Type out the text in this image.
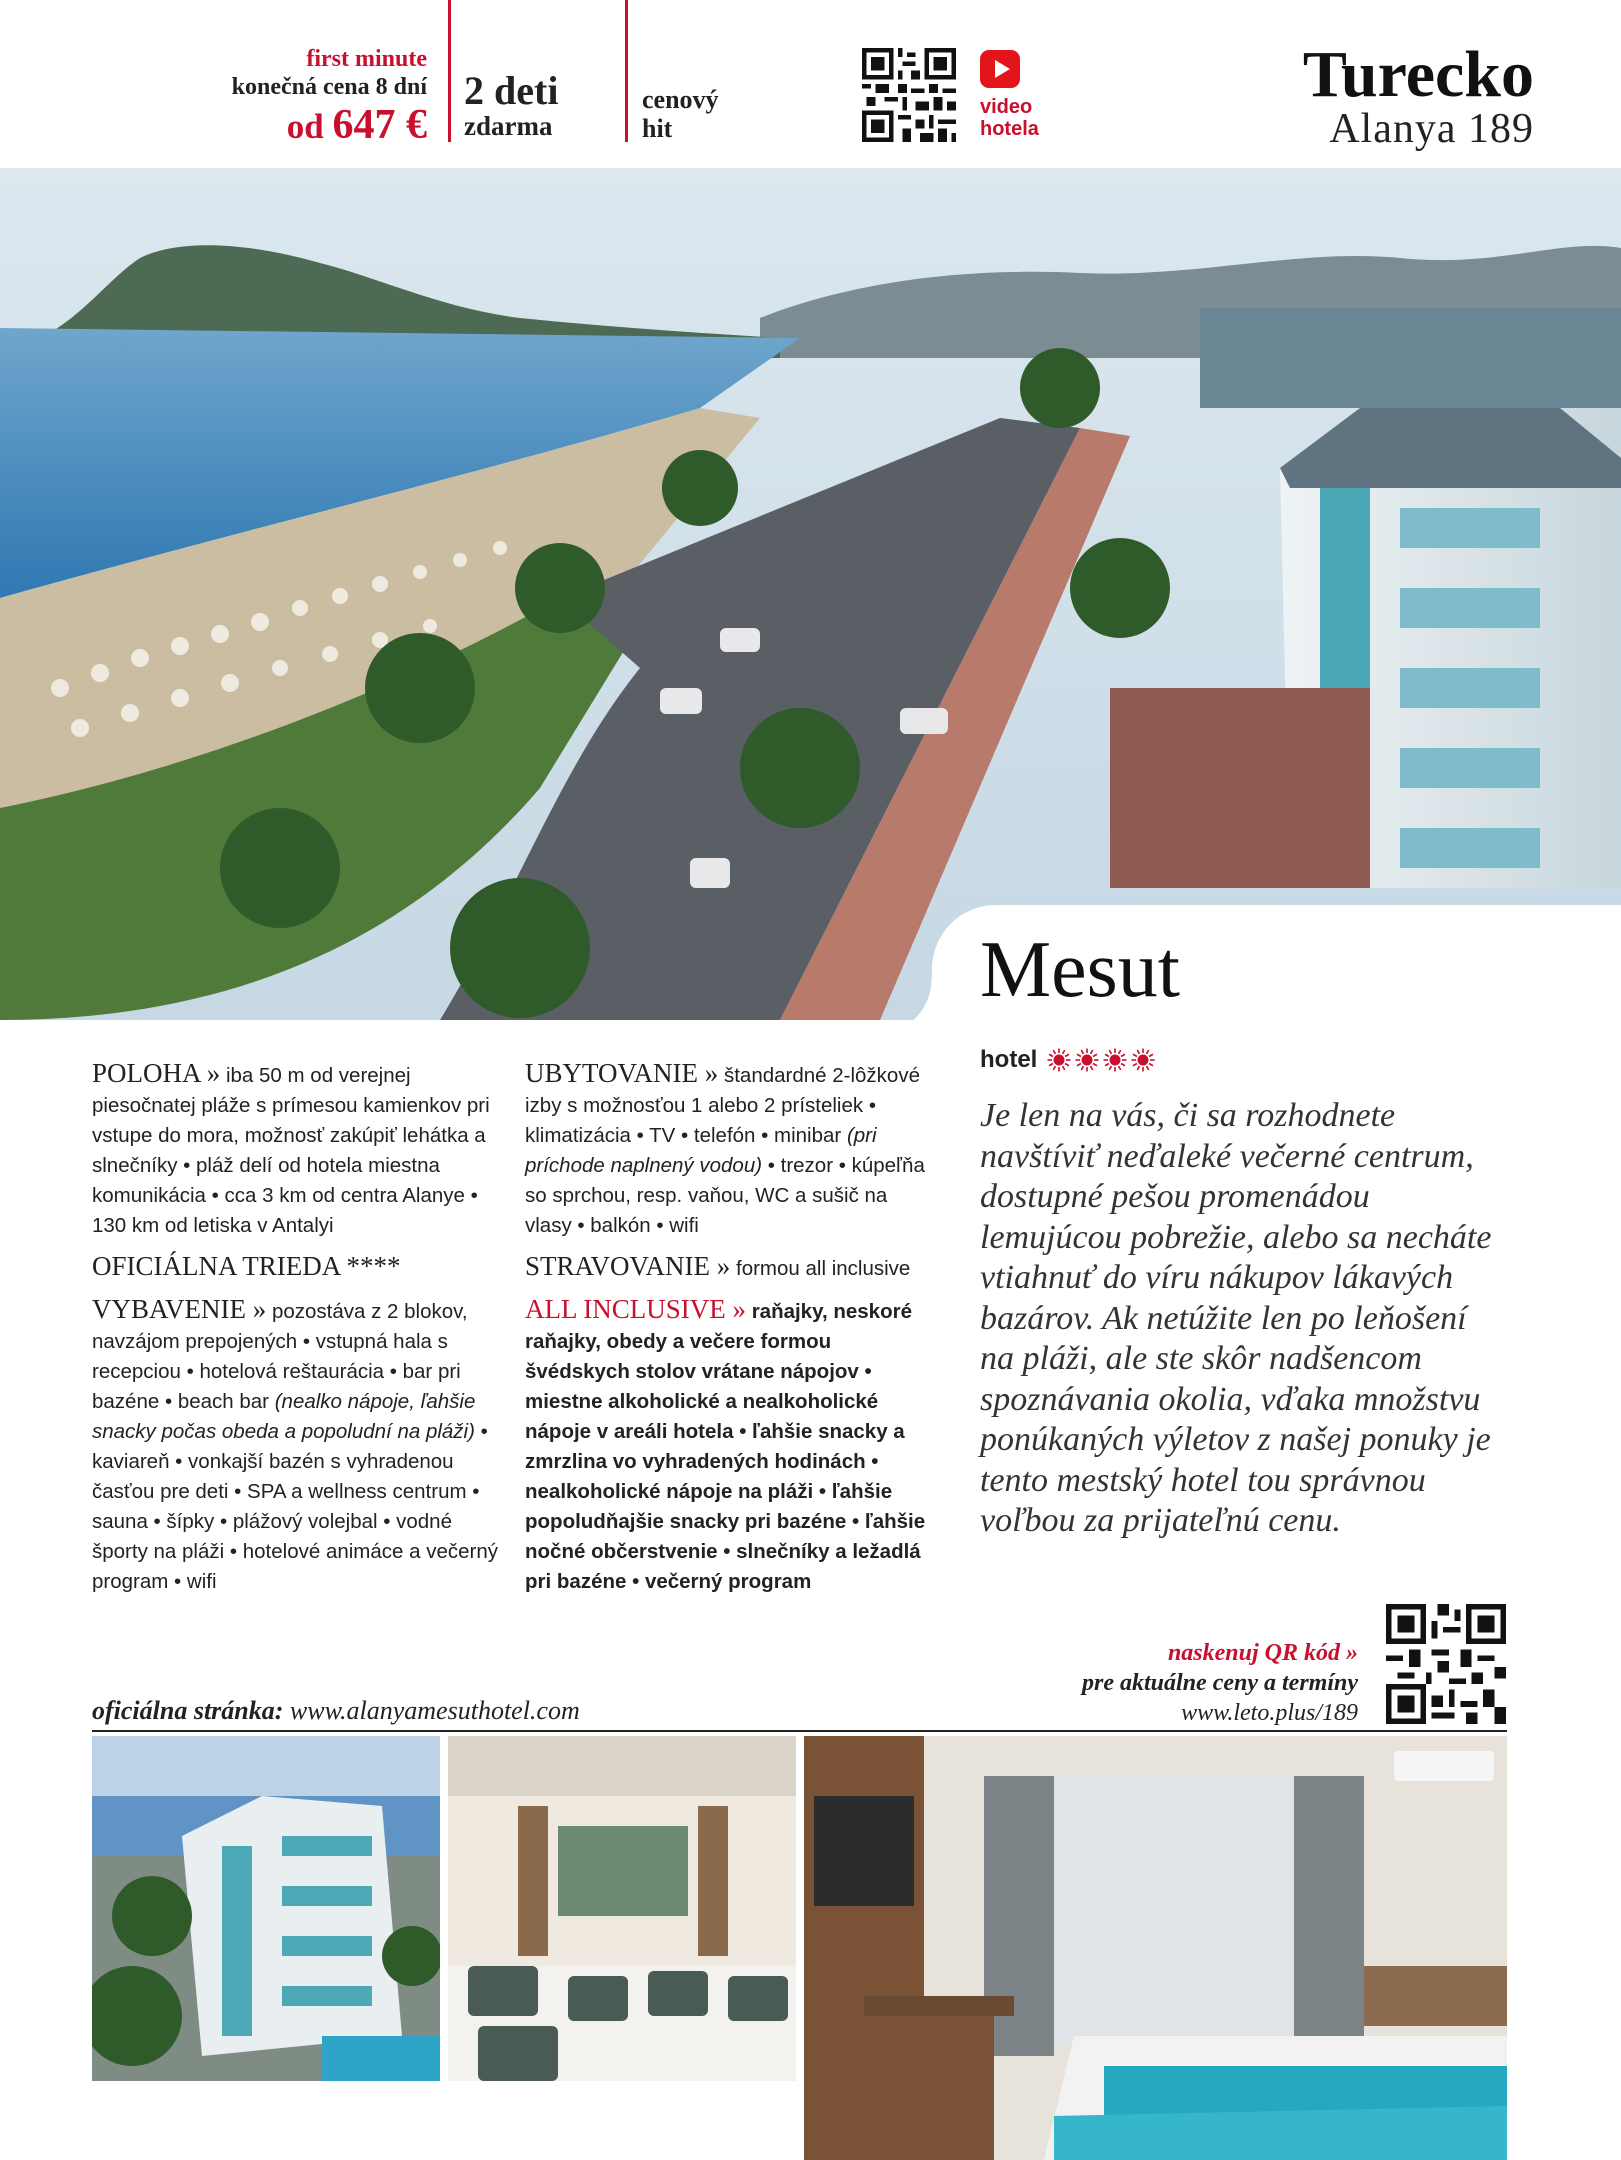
first minute
konečná cena 8 dní
od 647 €
2 deti
zdarma
cenový
hit
video
hotela
Turecko
Alanya 189
Mesut

POLOHA » iba 50 m od verejnej piesočnatej pláže s prímesou kamienkov pri vstupe do mora, možnosť zakúpiť lehátka a slnečníky • pláž delí od hotela miestna komunikácia • cca 3 km od centra Alanye • 130 km od letiska v Antalyi

OFICIÁLNA TRIEDA ****

VYBAVENIE » pozostáva z 2 blokov, navzájom prepojených • vstupná hala s recepciou • hotelová reštaurácia • bar pri bazéne • beach bar (nealko nápoje, ľahšie snacky počas obeda a popoludní na pláži) • kaviareň • vonkajší bazén s vyhradenou časťou pre deti • SPA a wellness centrum • sauna • šípky • plážový volejbal • vodné športy na pláži • hotelové animáce a večerný program • wifi

UBYTOVANIE » štandardné 2-lôžkové izby s možnosťou 1 alebo 2 prísteliek • klimatizácia • TV • telefón • minibar (pri príchode naplnený vodou) • trezor • kúpeľňa so sprchou, resp. vaňou, WC a sušič na vlasy • balkón • wifi

STRAVOVANIE » formou all inclusive

ALL INCLUSIVE » raňajky, neskoré raňajky, obedy a večere formou švédskych stolov vrátane nápojov • miestne alkoholické a nealkoholické nápoje v areáli hotela • ľahšie snacky a zmrzlina vo vyhradených hodinách • nealkoholické nápoje na pláži • ľahšie popoludňajšie snacky pri bazéne • ľahšie nočné občerstvenie • slnečníky a ležadlá pri bazéne • večerný program

hotel
Je len na vás, či sa rozhodnete navštíviť neďaleké večerné centrum, dostupné pešou promenádou lemujúcou pobrežie, alebo sa necháte vtiahnuť do víru nákupov lákavých bazárov. Ak netúžite len po leňošení na pláži, ale ste skôr nadšencom spoznávania okolia, vďaka množstvu ponúkaných výletov z našej ponuky je tento mestský hotel tou správnou voľbou za prijateľnú cenu.
naskenuj QR kód »
pre aktuálne ceny a termíny
www.leto.plus/189
oficiálna stránka: www.alanyamesuthotel.com
